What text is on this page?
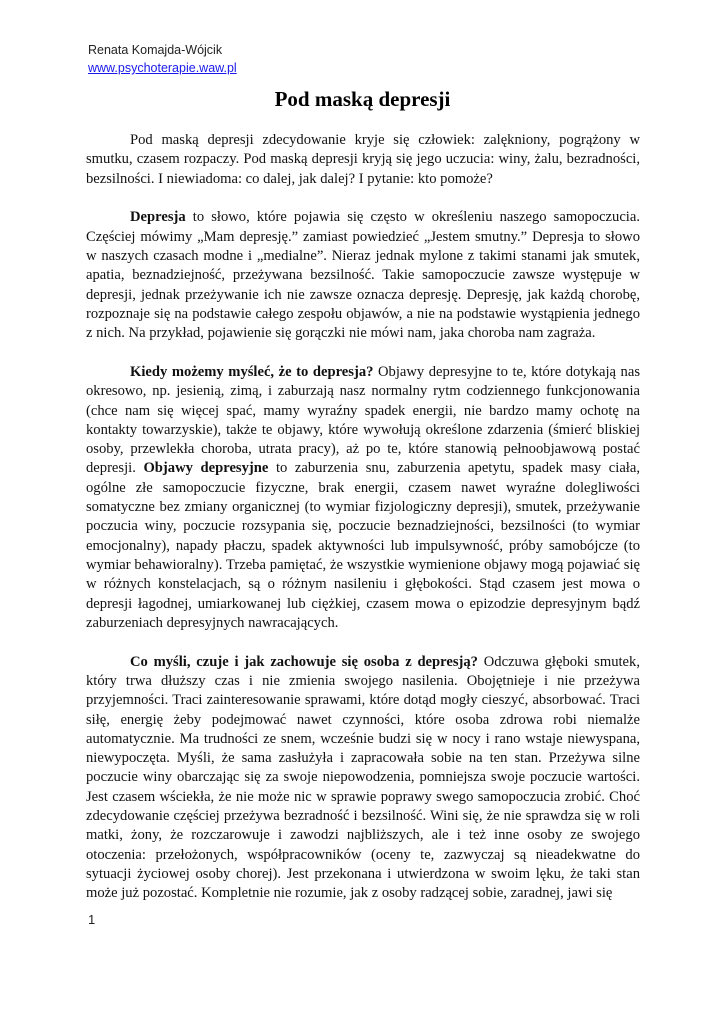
Renata Komajda-Wójcik
www.psychoterapie.waw.pl
Pod maską depresji

Pod maską depresji zdecydowanie kryje się człowiek: zalękniony, pogrążony w smutku, czasem rozpaczy. Pod maską depresji kryją się jego uczucia: winy, żalu, bezradności, bezsilności. I niewiadoma: co dalej, jak dalej? I pytanie: kto pomoże?

Depresja to słowo, które pojawia się często w określeniu naszego samopoczucia. Częściej mówimy „Mam depresję.” zamiast powiedzieć „Jestem smutny.” Depresja to słowo w naszych czasach modne i „medialne”. Nieraz jednak mylone z takimi stanami jak smutek, apatia, beznadziejność, przeżywana bezsilność. Takie samopoczucie zawsze występuje w depresji, jednak przeżywanie ich nie zawsze oznacza depresję. Depresję, jak każdą chorobę, rozpoznaje się na podstawie całego zespołu objawów, a nie na podstawie wystąpienia jednego z nich. Na przykład, pojawienie się gorączki nie mówi nam, jaka choroba nam zagraża.

Kiedy możemy myśleć, że to depresja? Objawy depresyjne to te, które dotykają nas okresowo, np. jesienią, zimą, i zaburzają nasz normalny rytm codziennego funkcjonowania (chce nam się więcej spać, mamy wyraźny spadek energii, nie bardzo mamy ochotę na kontakty towarzyskie), także te objawy, które wywołują określone zdarzenia (śmierć bliskiej osoby, przewlekła choroba, utrata pracy), aż po te, które stanowią pełnoobjawową postać depresji. Objawy depresyjne to zaburzenia snu, zaburzenia apetytu, spadek masy ciała, ogólne złe samopoczucie fizyczne, brak energii, czasem nawet wyraźne dolegliwości somatyczne bez zmiany organicznej (to wymiar fizjologiczny depresji), smutek, przeżywanie poczucia winy, poczucie rozsypania się, poczucie beznadziejności, bezsilności (to wymiar emocjonalny), napady płaczu, spadek aktywności lub impulsywność, próby samobójcze (to wymiar behawioralny). Trzeba pamiętać, że wszystkie wymienione objawy mogą pojawiać się w różnych konstelacjach, są o różnym nasileniu i głębokości. Stąd czasem jest mowa o depresji łagodnej, umiarkowanej lub ciężkiej, czasem mowa o epizodzie depresyjnym bądź zaburzeniach depresyjnych nawracających.

Co myśli, czuje i jak zachowuje się osoba z depresją? Odczuwa głęboki smutek, który trwa dłuższy czas i nie zmienia swojego nasilenia. Obojętnieje i nie przeżywa przyjemności. Traci zainteresowanie sprawami, które dotąd mogły cieszyć, absorbować. Traci siłę, energię żeby podejmować nawet czynności, które osoba zdrowa robi niemalże automatycznie. Ma trudności ze snem, wcześnie budzi się w nocy i rano wstaje niewyspana, niewypoczęta. Myśli, że sama zasłużyła i zapracowała sobie na ten stan. Przeżywa silne poczucie winy obarczając się za swoje niepowodzenia, pomniejsza swoje poczucie wartości. Jest czasem wściekła, że nie może nic w sprawie poprawy swego samopoczucia zrobić. Choć zdecydowanie częściej przeżywa bezradność i bezsilność. Wini się, że nie sprawdza się w roli matki, żony, że rozczarowuje i zawodzi najbliższych, ale i też inne osoby ze swojego otoczenia: przełożonych, współpracowników (oceny te, zazwyczaj są nieadekwatne do sytuacji życiowej osoby chorej). Jest przekonana i utwierdzona w swoim lęku, że taki stan może już pozostać. Kompletnie nie rozumie, jak z osoby radzącej sobie, zaradnej, jawi się

1
